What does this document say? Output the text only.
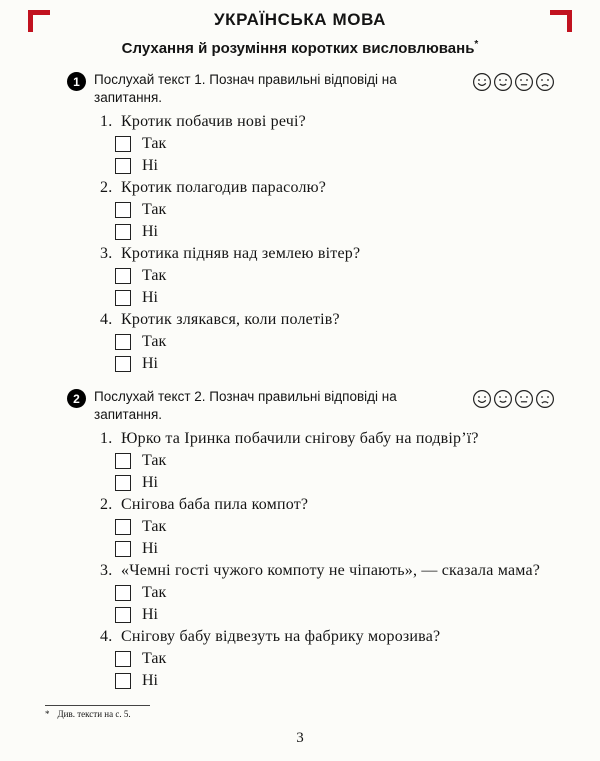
УКРАЇНСЬКА МОВА
Слухання й розуміння коротких висловлювань*
1	Послухай текст 1. Познач правильні відповіді на запитання.
1. Кротик побачив нові речі?
Так
Ні
2. Кротик полагодив парасолю?
Так
Ні
3. Кротика підняв над землею вітер?
Так
Ні
4. Кротик злякався, коли полетів?
Так
Ні
2	Послухай текст 2. Познач правильні відповіді на запитання.
1. Юрко та Іринка побачили снігову бабу на подвір’ї?
Так
Ні
2. Снігова баба пила компот?
Так
Ні
3. «Чемні гості чужого компоту не чіпають», — сказала мама?
Так
Ні
4. Снігову бабу відвезуть на фабрику морозива?
Так
Ні
* Див. тексти на с. 5.
3
